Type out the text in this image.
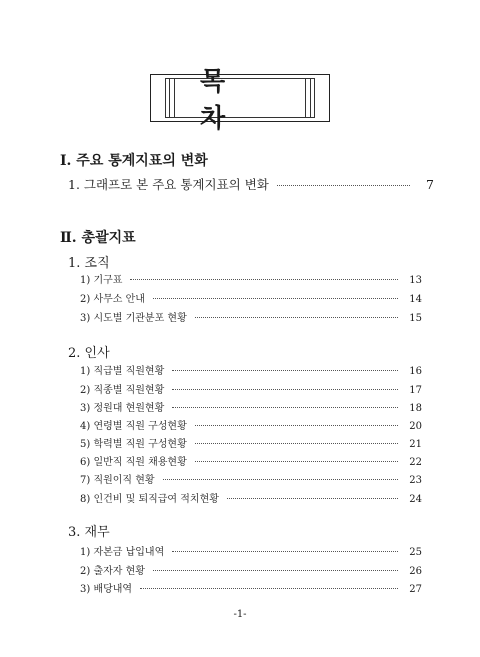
목 차
Ⅰ. 주요 통계지표의 변화
1. 그래프로 본 주요 통계지표의 변화	7
Ⅱ. 총괄지표
1. 조직
1) 기구표	13
2) 사무소 안내	14
3) 시도별 기관분포 현황	15
2. 인사
1) 직급별 직원현황	16
2) 직종별 직원현황	17
3) 정원대 현원현황	18
4) 연령별 직원 구성현황	20
5) 학력별 직원 구성현황	21
6) 일반직 직원 채용현황	22
7) 직원이직 현황	23
8) 인건비 및 퇴직급여 적치현황	24
3. 재무
1) 자본금 납입내역	25
2) 출자자 현황	26
3) 배당내역	27
-1-
